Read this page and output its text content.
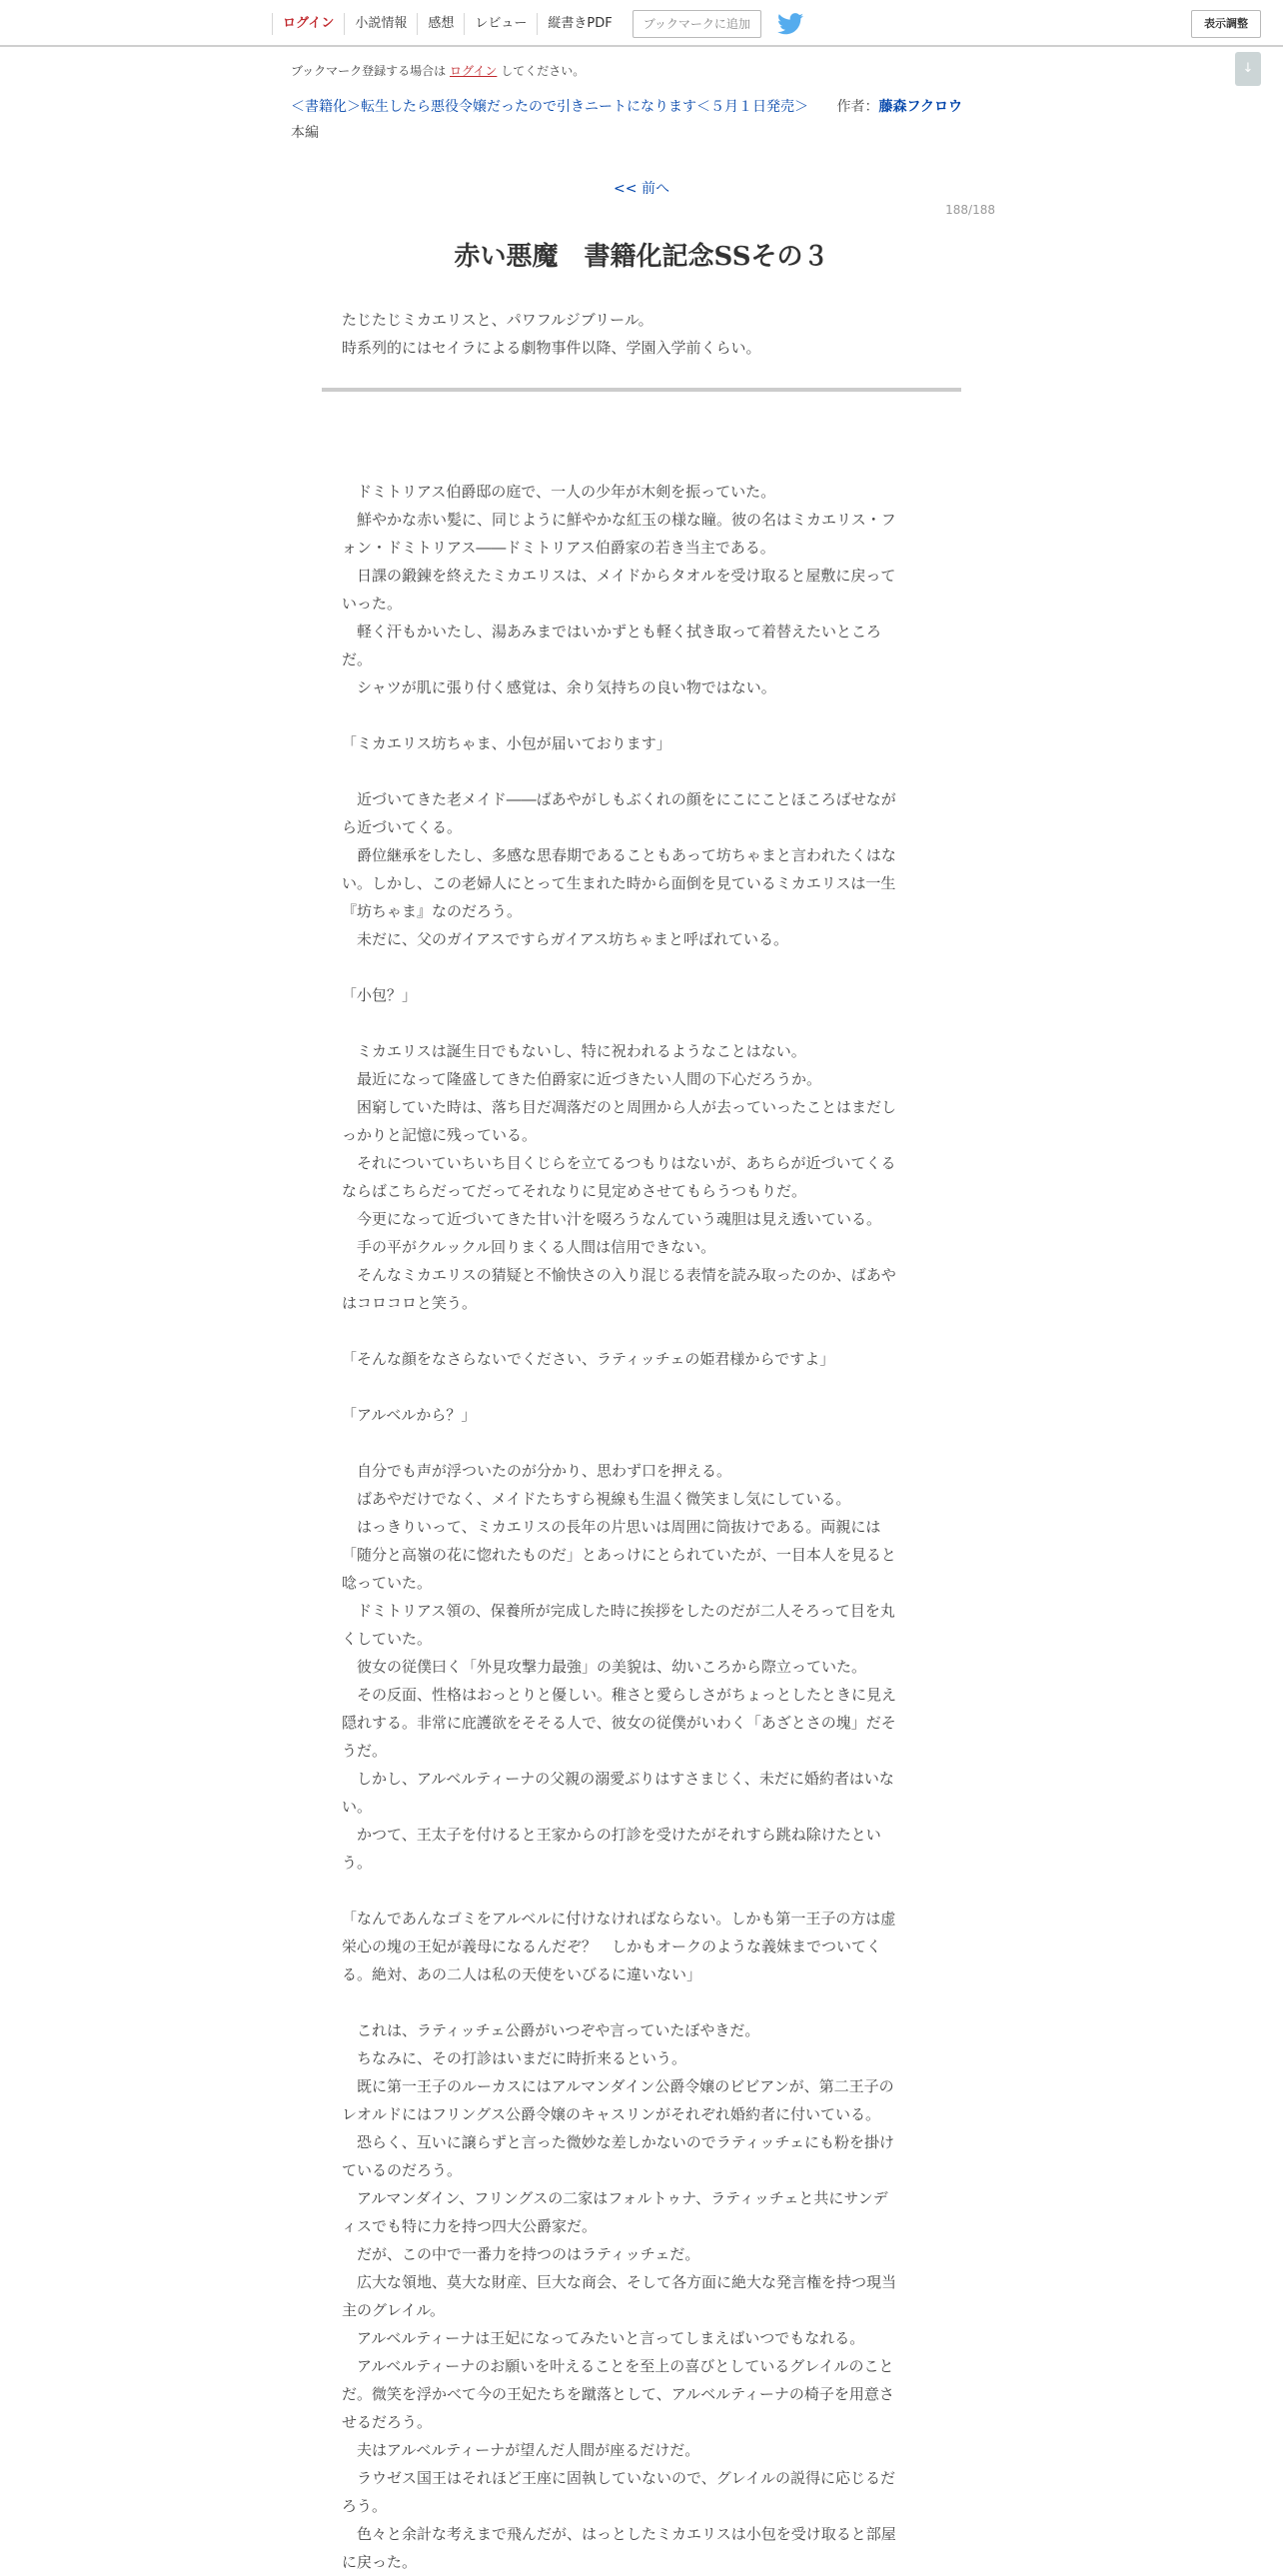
ログイン	小説情報	感想	レビュー	縦書きPDF	ブックマークに追加	表示調整
↓
ブックマーク登録する場合は ログイン してください。
＜書籍化＞転生したら悪役令嬢だったので引きニートになります＜５月１日発売＞ 作者：藤森フクロウ
本編
<< 前へ
188/188
赤い悪魔　書籍化記念SSその３
たじたじミカエリスと、パワフルジブリール。
時系列的にはセイラによる劇物事件以降、学園入学前くらい。

　ドミトリアス伯爵邸の庭で、一人の少年が木剣を振っていた。

　鮮やかな赤い髪に、同じように鮮やかな紅玉の様な瞳。彼の名はミカエリス・フ

ォン・ドミトリアス――ドミトリアス伯爵家の若き当主である。

　日課の鍛錬を終えたミカエリスは、メイドからタオルを受け取ると屋敷に戻って

いった。

　軽く汗もかいたし、湯あみまではいかずとも軽く拭き取って着替えたいところ

だ。

　シャツが肌に張り付く感覚は、余り気持ちの良い物ではない。

「ミカエリス坊ちゃま、小包が届いております」

　近づいてきた老メイド――ばあやがしもぶくれの顔をにこにことほころばせなが

ら近づいてくる。

　爵位継承をしたし、多感な思春期であることもあって坊ちゃまと言われたくはな

い。しかし、この老婦人にとって生まれた時から面倒を見ているミカエリスは一生

『坊ちゃま』なのだろう。

　未だに、父のガイアスですらガイアス坊ちゃまと呼ばれている。

「小包？」

　ミカエリスは誕生日でもないし、特に祝われるようなことはない。

　最近になって隆盛してきた伯爵家に近づきたい人間の下心だろうか。

　困窮していた時は、落ち目だ凋落だのと周囲から人が去っていったことはまだし

っかりと記憶に残っている。

　それについていちいち目くじらを立てるつもりはないが、あちらが近づいてくる

ならばこちらだってだってそれなりに見定めさせてもらうつもりだ。

　今更になって近づいてきた甘い汁を啜ろうなんていう魂胆は見え透いている。

　手の平がクルックル回りまくる人間は信用できない。

　そんなミカエリスの猜疑と不愉快さの入り混じる表情を読み取ったのか、ばあや

はコロコロと笑う。

「そんな顔をなさらないでください、ラティッチェの姫君様からですよ」

「アルベルから？」

　自分でも声が浮ついたのが分かり、思わず口を押える。

　ばあやだけでなく、メイドたちすら視線も生温く微笑まし気にしている。

　はっきりいって、ミカエリスの長年の片思いは周囲に筒抜けである。両親には

「随分と高嶺の花に惚れたものだ」とあっけにとられていたが、一目本人を見ると

唸っていた。

　ドミトリアス領の、保養所が完成した時に挨拶をしたのだが二人そろって目を丸

くしていた。

　彼女の従僕曰く「外見攻撃力最強」の美貌は、幼いころから際立っていた。

　その反面、性格はおっとりと優しい。稚さと愛らしさがちょっとしたときに見え

隠れする。非常に庇護欲をそそる人で、彼女の従僕がいわく「あざとさの塊」だそ

うだ。

　しかし、アルベルティーナの父親の溺愛ぶりはすさまじく、未だに婚約者はいな

い。

　かつて、王太子を付けると王家からの打診を受けたがそれすら跳ね除けたとい

う。

「なんであんなゴミをアルベルに付けなければならない。しかも第一王子の方は虚

栄心の塊の王妃が義母になるんだぞ？　しかもオークのような義妹までついてく

る。絶対、あの二人は私の天使をいびるに違いない」

　これは、ラティッチェ公爵がいつぞや言っていたぼやきだ。

　ちなみに、その打診はいまだに時折来るという。

　既に第一王子のルーカスにはアルマンダイン公爵令嬢のビビアンが、第二王子の

レオルドにはフリングス公爵令嬢のキャスリンがそれぞれ婚約者に付いている。

　恐らく、互いに譲らずと言った微妙な差しかないのでラティッチェにも粉を掛け

ているのだろう。

　アルマンダイン、フリングスの二家はフォルトゥナ、ラティッチェと共にサンデ

ィスでも特に力を持つ四大公爵家だ。

　だが、この中で一番力を持つのはラティッチェだ。

　広大な領地、莫大な財産、巨大な商会、そして各方面に絶大な発言権を持つ現当

主のグレイル。

　アルベルティーナは王妃になってみたいと言ってしまえばいつでもなれる。

　アルベルティーナのお願いを叶えることを至上の喜びとしているグレイルのこと

だ。微笑を浮かべて今の王妃たちを蹴落として、アルベルティーナの椅子を用意さ

せるだろう。

　夫はアルベルティーナが望んだ人間が座るだけだ。

　ラウゼス国王はそれほど王座に固執していないので、グレイルの説得に応じるだ

ろう。

　色々と余計な考えまで飛んだが、はっとしたミカエリスは小包を受け取ると部屋

に戻った。
